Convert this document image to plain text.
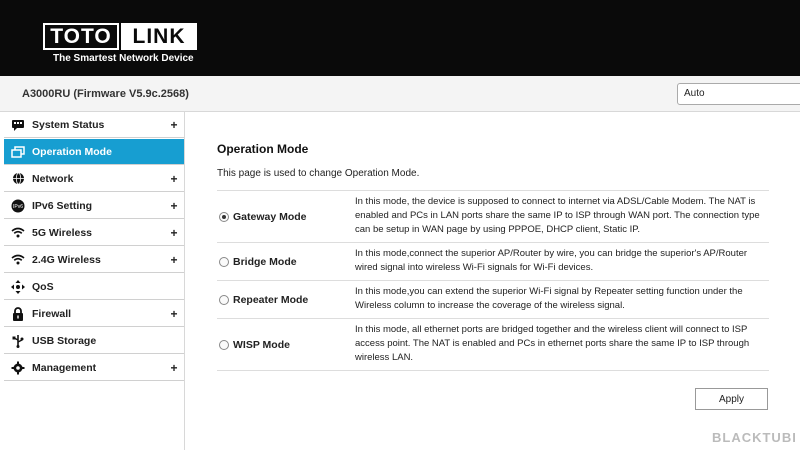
TOTO LINK
The Smartest Network Device
A3000RU (Firmware V5.9c.2568)	Auto
System Status	+
Operation Mode
Network	+
IPv6 IPv6 Setting	+
5G Wireless	+
2.4G Wireless	+
QoS
Firewall	+
USB Storage
Management	+
Operation Mode
This page is used to change Operation Mode.
Gateway Mode
In this mode, the device is supposed to connect to internet via ADSL/Cable Modem. The NAT is enabled and PCs in LAN ports share the same IP to ISP through WAN port. The connection type can be setup in WAN page by using PPPOE, DHCP client, Static IP.
Bridge Mode
In this mode,connect the superior AP/Router by wire, you can bridge the superior's AP/Router wired signal into wireless Wi-Fi signals for Wi-Fi devices.
Repeater Mode
In this mode,you can extend the superior Wi-Fi signal by Repeater setting function under the Wireless column to increase the coverage of the wireless signal.
WISP Mode
In this mode, all ethernet ports are bridged together and the wireless client will connect to ISP access point. The NAT is enabled and PCs in ethernet ports share the same IP to ISP through wireless LAN.
Apply
BLACKTUBI
